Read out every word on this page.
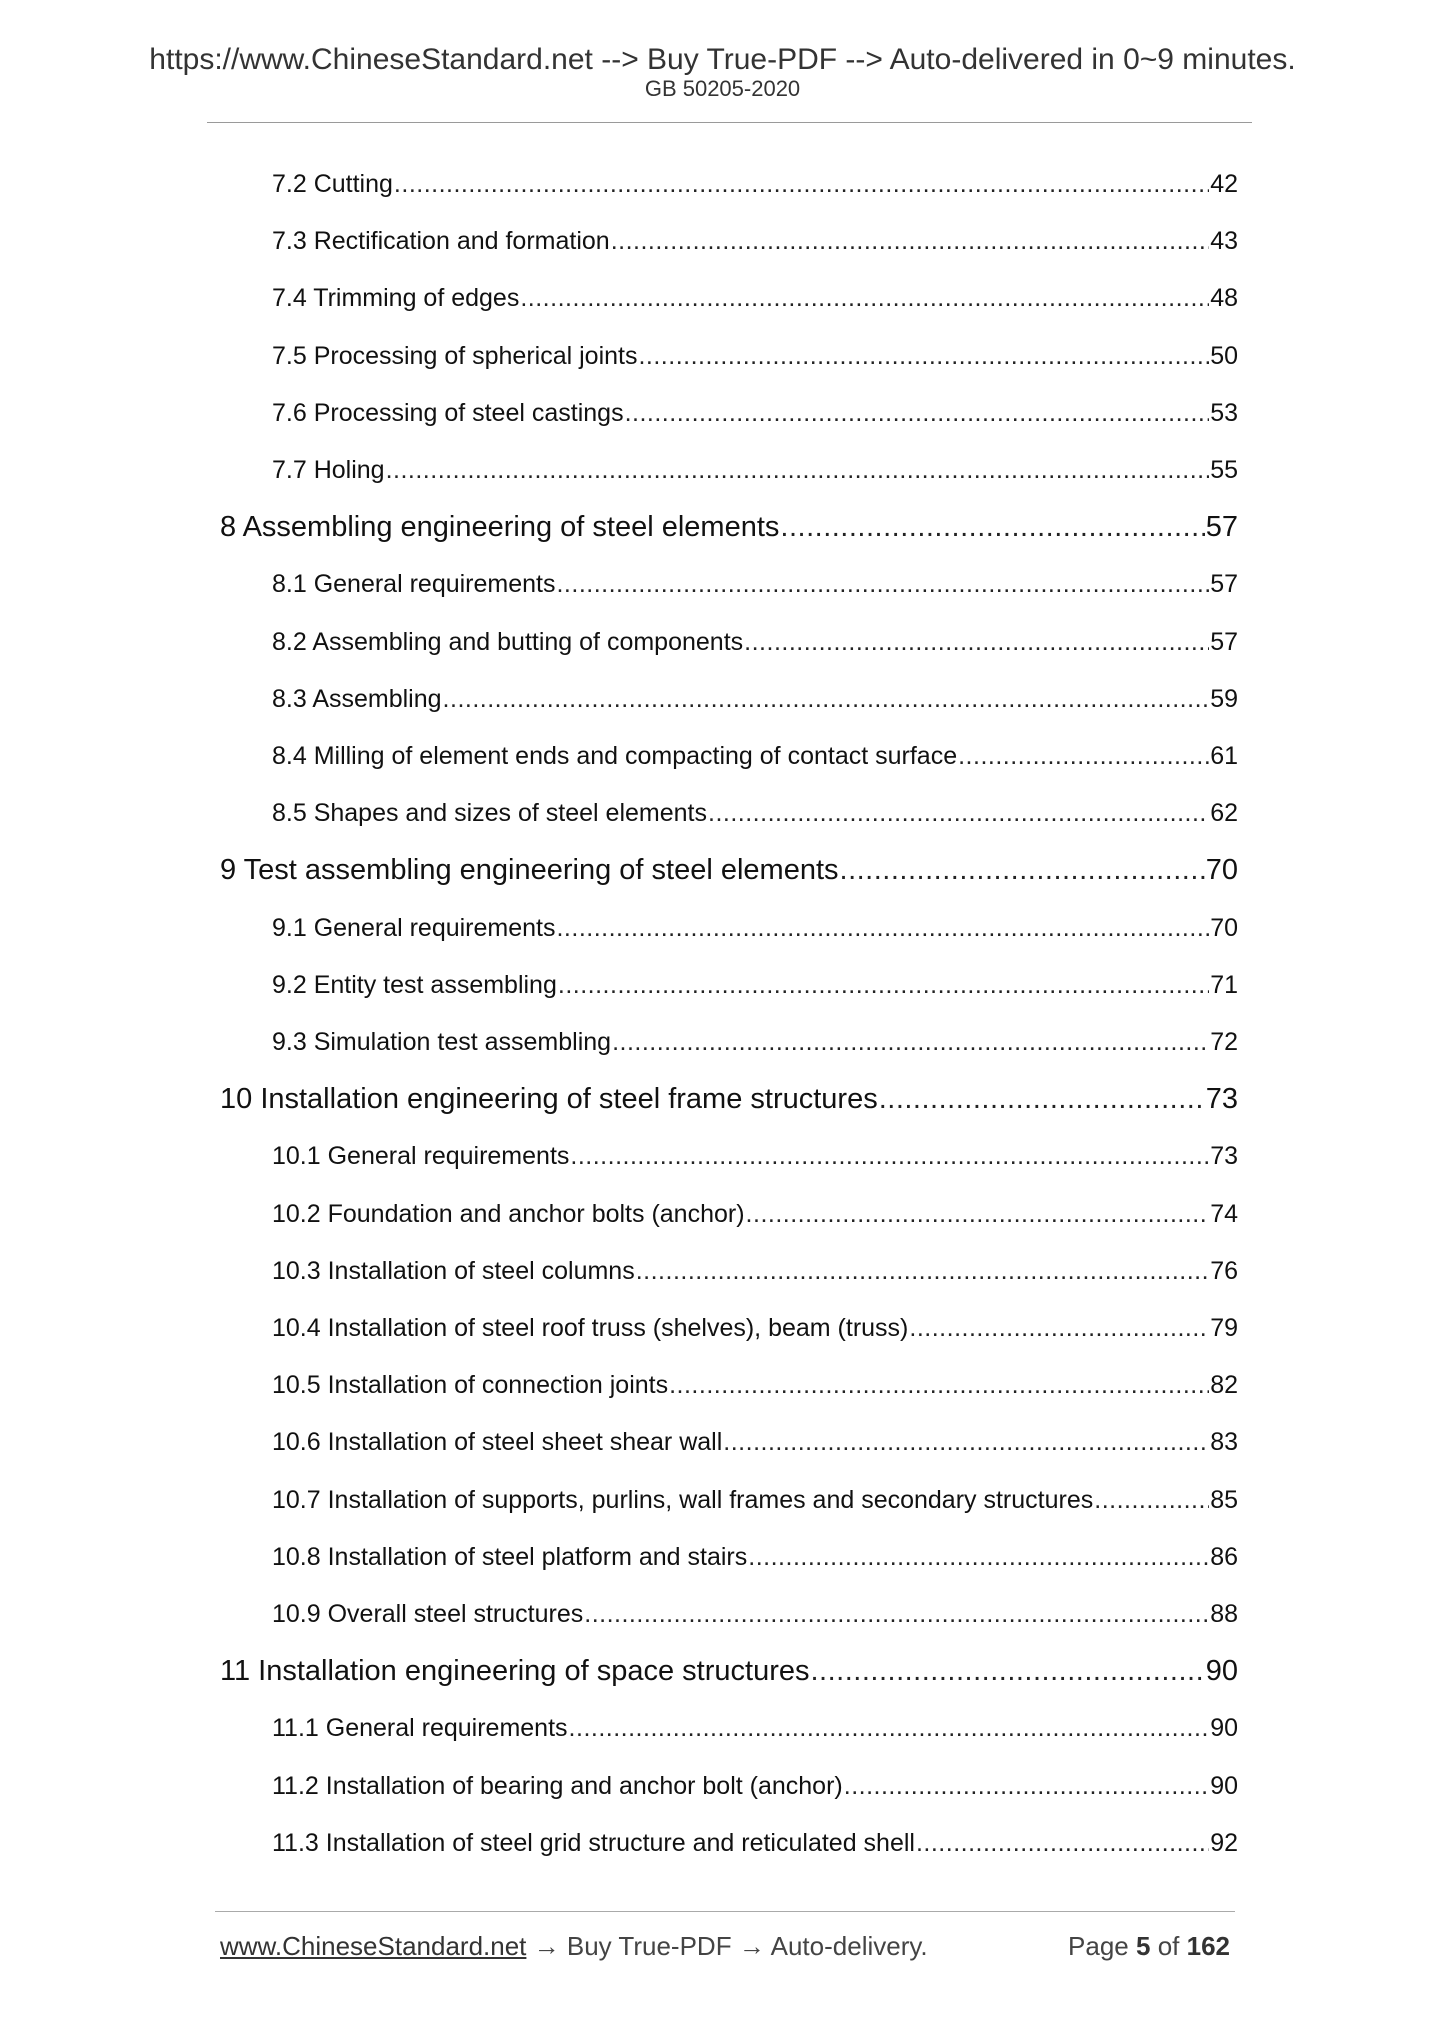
https://www.ChineseStandard.net --> Buy True-PDF --> Auto-delivered in 0~9 minutes.
GB 50205-2020
7.2 Cutting .....	42
7.3 Rectification and formation .....	43
7.4 Trimming of edges .....	48
7.5 Processing of spherical joints .....	50
7.6 Processing of steel castings .....	53
7.7 Holing .....	55
8 Assembling engineering of steel elements .....	57
8.1 General requirements .....	57
8.2 Assembling and butting of components .....	57
8.3 Assembling .....	59
8.4 Milling of element ends and compacting of contact surface .....	61
8.5 Shapes and sizes of steel elements .....	62
9 Test assembling engineering of steel elements .....	70
9.1 General requirements .....	70
9.2 Entity test assembling .....	71
9.3 Simulation test assembling .....	72
10 Installation engineering of steel frame structures .....	73
10.1 General requirements .....	73
10.2 Foundation and anchor bolts (anchor) .....	74
10.3 Installation of steel columns .....	76
10.4 Installation of steel roof truss (shelves), beam (truss) .....	79
10.5 Installation of connection joints .....	82
10.6 Installation of steel sheet shear wall .....	83
10.7 Installation of supports, purlins, wall frames and secondary structures .....	85
10.8 Installation of steel platform and stairs .....	86
10.9 Overall steel structures .....	88
11 Installation engineering of space structures .....	90
11.1 General requirements .....	90
11.2 Installation of bearing and anchor bolt (anchor) .....	90
11.3 Installation of steel grid structure and reticulated shell .....	92
www.ChineseStandard.net → Buy True-PDF → Auto-delivery.	Page 5 of 162
